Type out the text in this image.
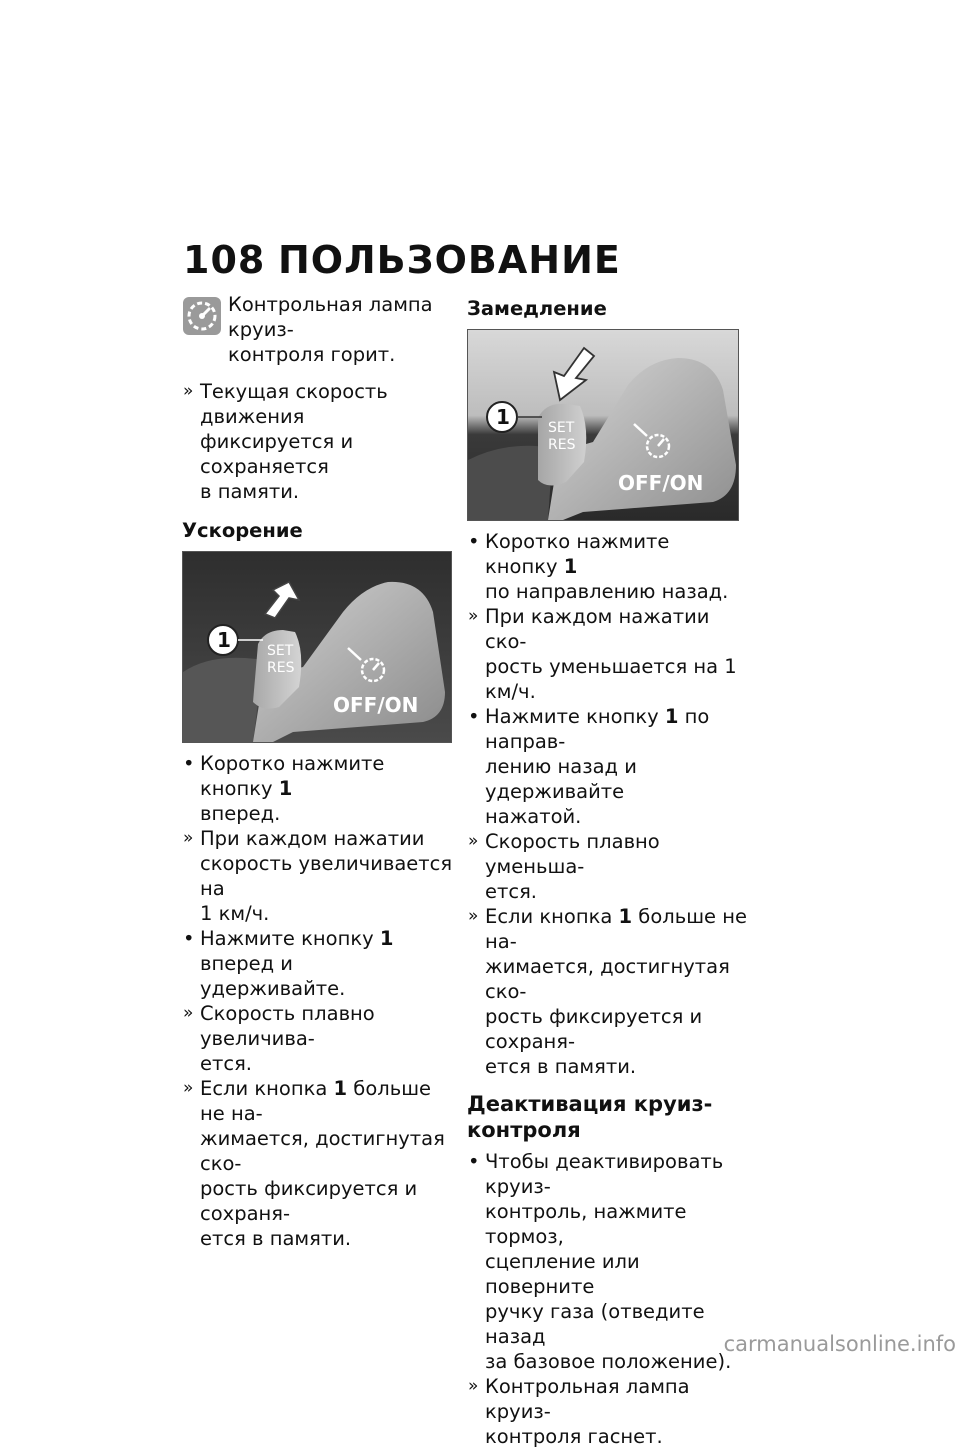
108 ПОЛЬЗОВАНИЕ
Контрольная лампа круиз-
контроля горит.
» Текущая скорость движения
фиксируется и сохраняется
в памяти.
Ускорение
SET
RES
1
OFF/ON
• Коротко нажмите кнопку 1
вперед.
» При каждом нажатии
скорость увеличивается на
1 км/ч.
• Нажмите кнопку 1 вперед и
удерживайте.
» Скорость плавно увеличива-
ется.
» Если кнопка 1 больше не на-
жимается, достигнутая ско-
рость фиксируется и сохраня-
ется в памяти.
Замедление
SET
RES
1
OFF/ON
• Коротко нажмите кнопку 1
по направлению назад.
» При каждом нажатии ско-
рость уменьшается на 1 км/ч.
• Нажмите кнопку 1 по направ-
лению назад и удерживайте
нажатой.
» Скорость плавно уменьша-
ется.
» Если кнопка 1 больше не на-
жимается, достигнутая ско-
рость фиксируется и сохраня-
ется в памяти.
Деактивация круиз-
контроля
• Чтобы деактивировать круиз-
контроль, нажмите тормоз,
сцепление или поверните
ручку газа (отведите назад
за базовое положение).
» Контрольная лампа круиз-
контроля гаснет.
carmanualsonline.info
